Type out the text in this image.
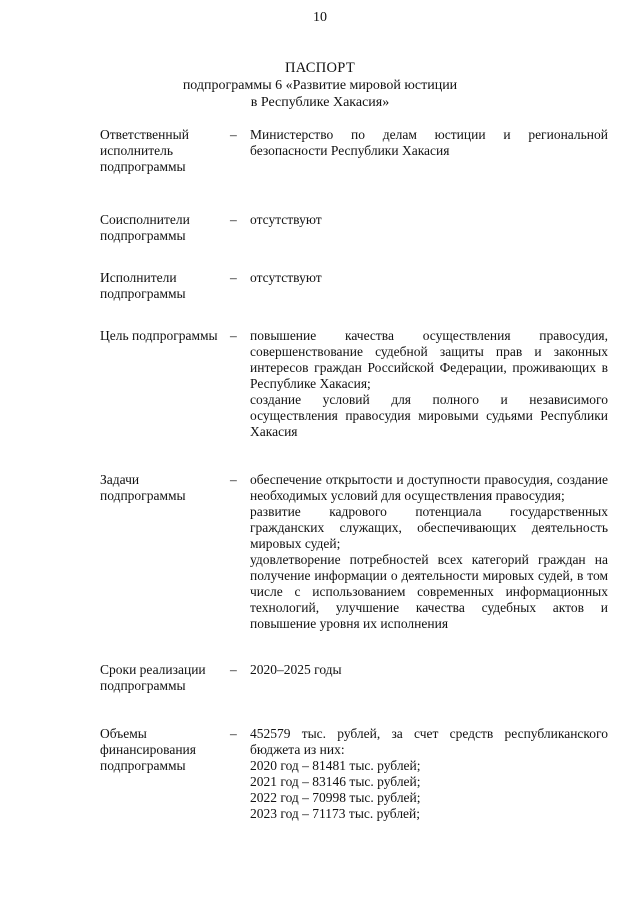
10
ПАСПОРТ
подпрограммы 6 «Развитие мировой юстиции
в Республике Хакасия»
Ответственный
исполнитель
подпрограммы
– Министерство по делам юстиции и региональной безопасности Республики Хакасия
Соисполнители
подпрограммы
– отсутствуют
Исполнители
подпрограммы
– отсутствуют
Цель подпрограммы – повышение качества осуществления правосудия, совершенствование судебной защиты прав и законных интересов граждан Российской Федерации, проживающих в Республике Хакасия;
создание условий для полного и независимого осуществления правосудия мировыми судьями Республики Хакасия
Задачи
подпрограммы
– обеспечение открытости и доступности правосудия, создание необходимых условий для осуществления правосудия;
развитие кадрового потенциала государственных гражданских служащих, обеспечивающих деятельность мировых судей;
удовлетворение потребностей всех категорий граждан на получение информации о деятельности мировых судей, в том числе с использованием современных информационных технологий, улучшение качества судебных актов и повышение уровня их исполнения
Сроки реализации
подпрограммы
– 2020–2025 годы
Объемы
финансирования
подпрограммы
– 452579 тыс. рублей, за счет средств республиканского бюджета из них:
2020 год – 81481 тыс. рублей;
2021 год – 83146 тыс. рублей;
2022 год – 70998 тыс. рублей;
2023 год – 71173 тыс. рублей;
